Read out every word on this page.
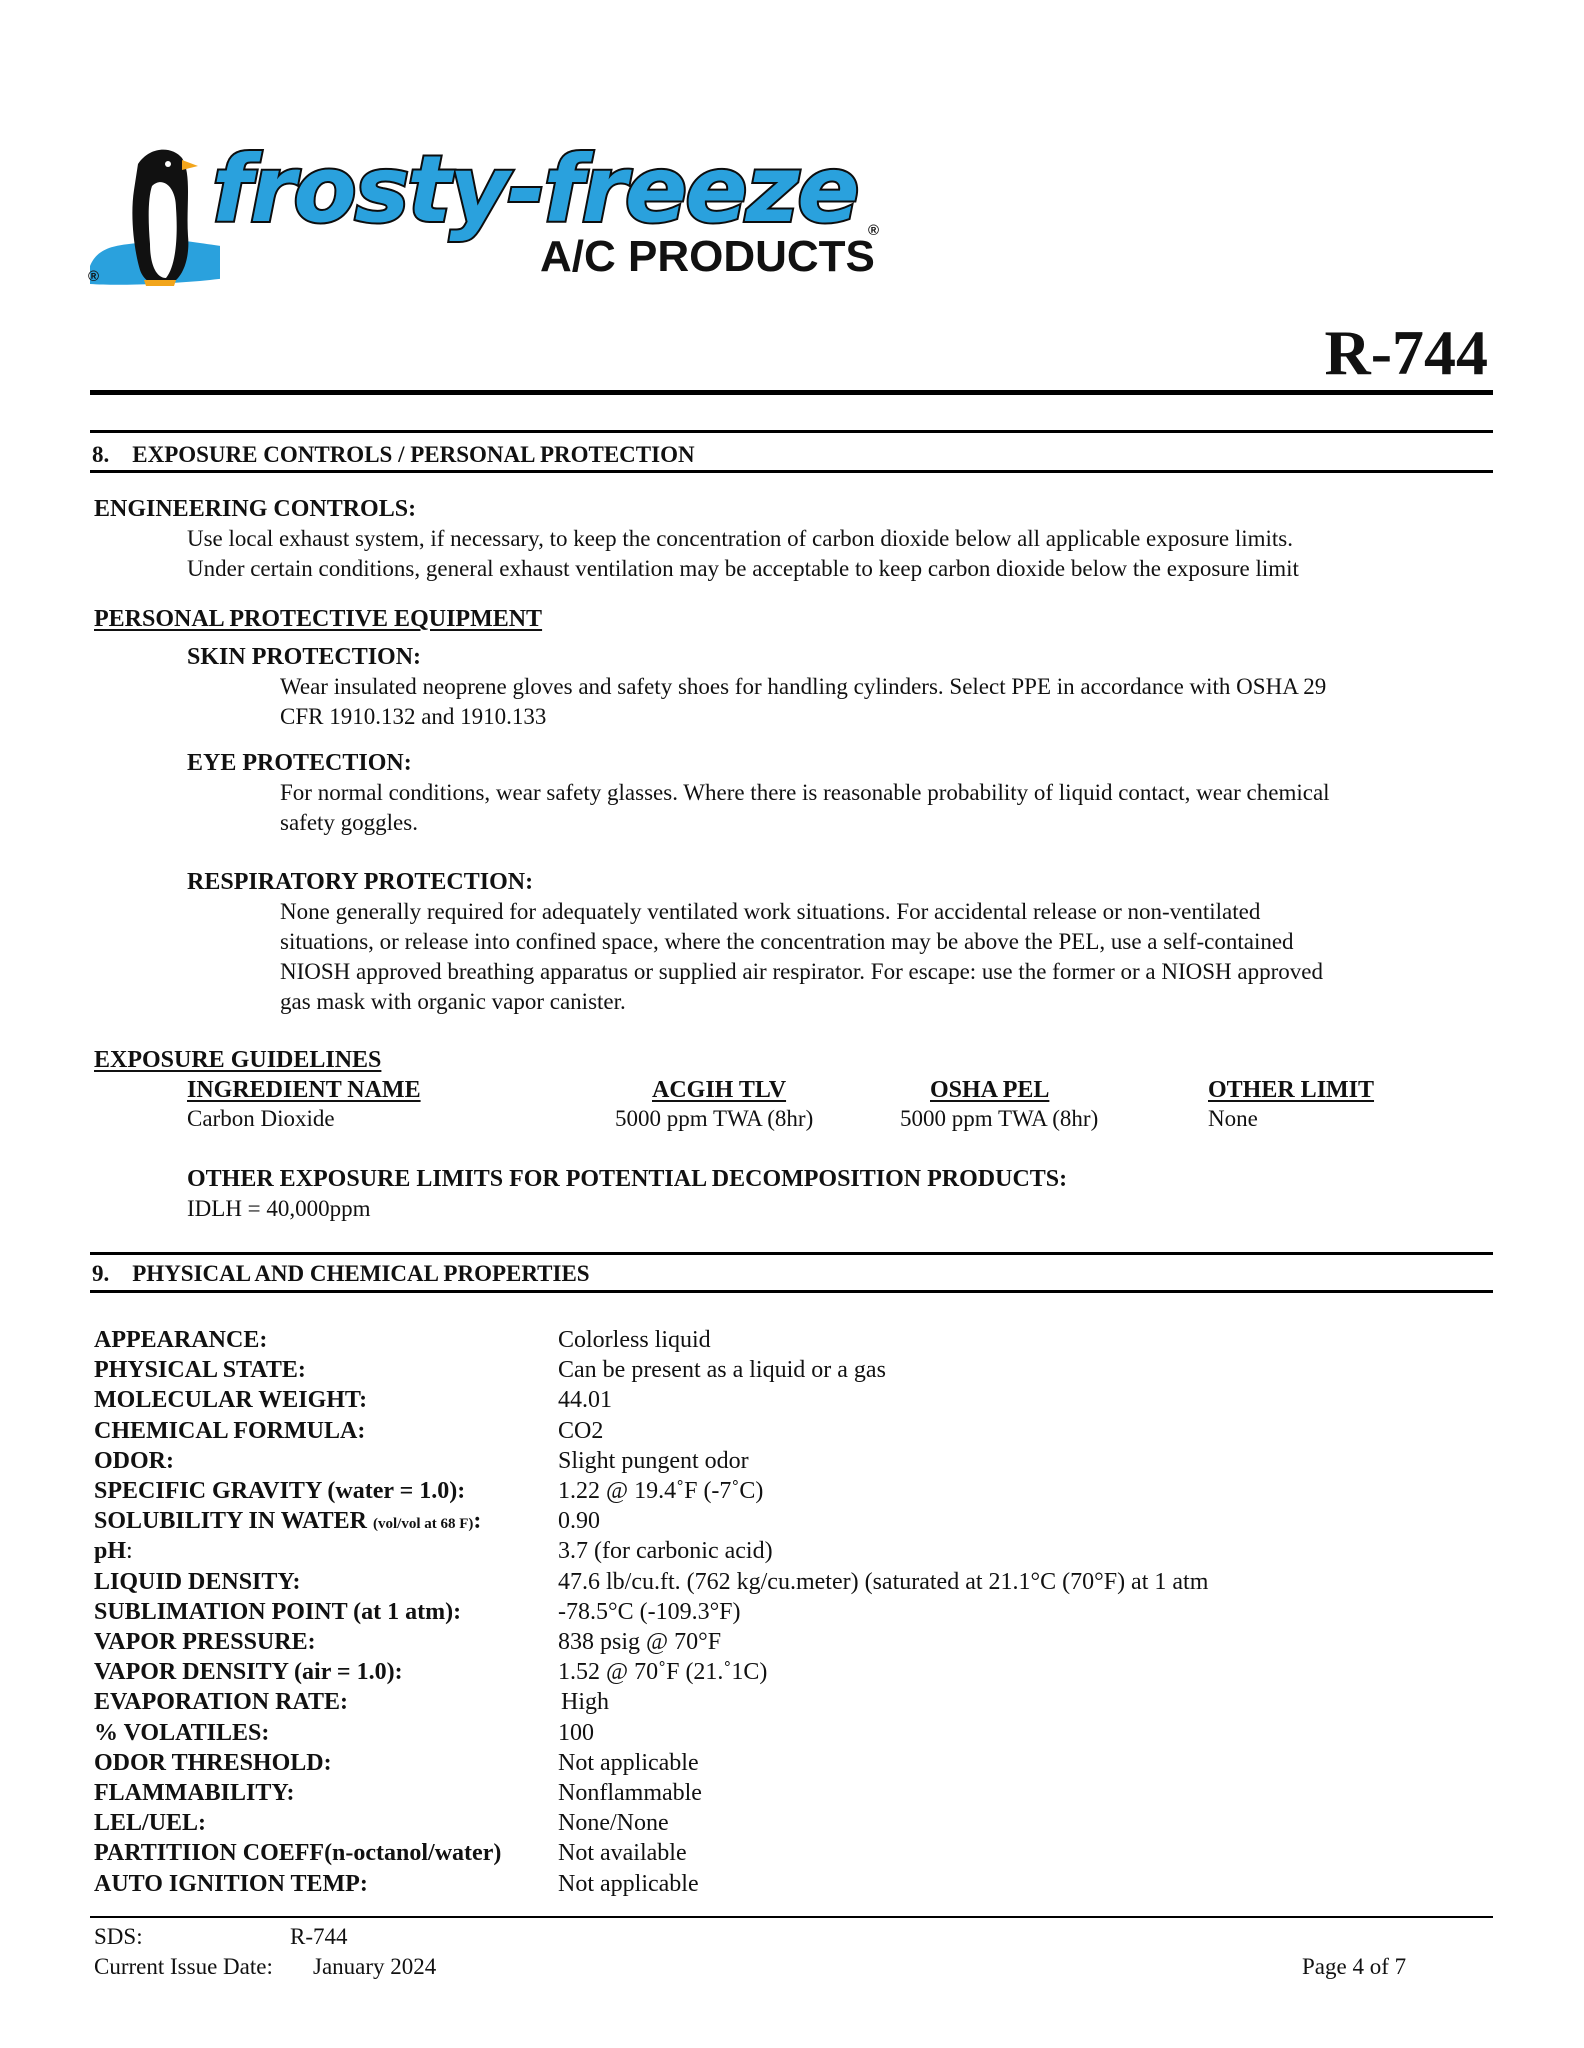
frosty-freeze
A/C PRODUCTS
®
®
R-744
8.    EXPOSURE CONTROLS / PERSONAL PROTECTION
ENGINEERING CONTROLS:
Use local exhaust system, if necessary, to keep the concentration of carbon dioxide below all applicable exposure limits.
Under certain conditions, general exhaust ventilation may be acceptable to keep carbon dioxide below the exposure limit
PERSONAL PROTECTIVE EQUIPMENT
SKIN PROTECTION:
Wear insulated neoprene gloves and safety shoes for handling cylinders. Select PPE in accordance with OSHA 29
CFR 1910.132 and 1910.133
EYE PROTECTION:
For normal conditions, wear safety glasses. Where there is reasonable probability of liquid contact, wear chemical
safety goggles.
RESPIRATORY PROTECTION:
None generally required for adequately ventilated work situations. For accidental release or non-ventilated
situations, or release into confined space, where the concentration may be above the PEL, use a self-contained
NIOSH approved breathing apparatus or supplied air respirator. For escape: use the former or a NIOSH approved
gas mask with organic vapor canister.
EXPOSURE GUIDELINES
INGREDIENT NAME	ACGIH TLV	OSHA PEL	OTHER LIMIT
Carbon Dioxide	5000 ppm TWA (8hr)	5000 ppm TWA (8hr)	None
OTHER EXPOSURE LIMITS FOR POTENTIAL DECOMPOSITION PRODUCTS:
IDLH = 40,000ppm
9.    PHYSICAL AND CHEMICAL PROPERTIES
APPEARANCE:	Colorless liquid
PHYSICAL STATE:	Can be present as a liquid or a gas
MOLECULAR WEIGHT:	44.01
CHEMICAL FORMULA:	CO2
ODOR:	Slight pungent odor
SPECIFIC GRAVITY (water = 1.0):	1.22 @ 19.4˚F (-7˚C)
SOLUBILITY IN WATER (vol/vol at 68 F):	0.90
pH:	3.7 (for carbonic acid)
LIQUID DENSITY:	47.6 lb/cu.ft. (762 kg/cu.meter) (saturated at 21.1°C (70°F) at 1 atm
SUBLIMATION POINT (at 1 atm):	-78.5°C (-109.3°F)
VAPOR PRESSURE:	838 psig @ 70°F
VAPOR DENSITY (air = 1.0):	1.52 @ 70˚F (21.˚1C)
EVAPORATION RATE:	High
% VOLATILES:	100
ODOR THRESHOLD:	Not applicable
FLAMMABILITY:	Nonflammable
LEL/UEL:	None/None
PARTITIION COEFF(n-octanol/water) Not available
AUTO IGNITION TEMP:	Not applicable
SDS:	R-744
Current Issue Date: January 2024	Page 4 of 7
